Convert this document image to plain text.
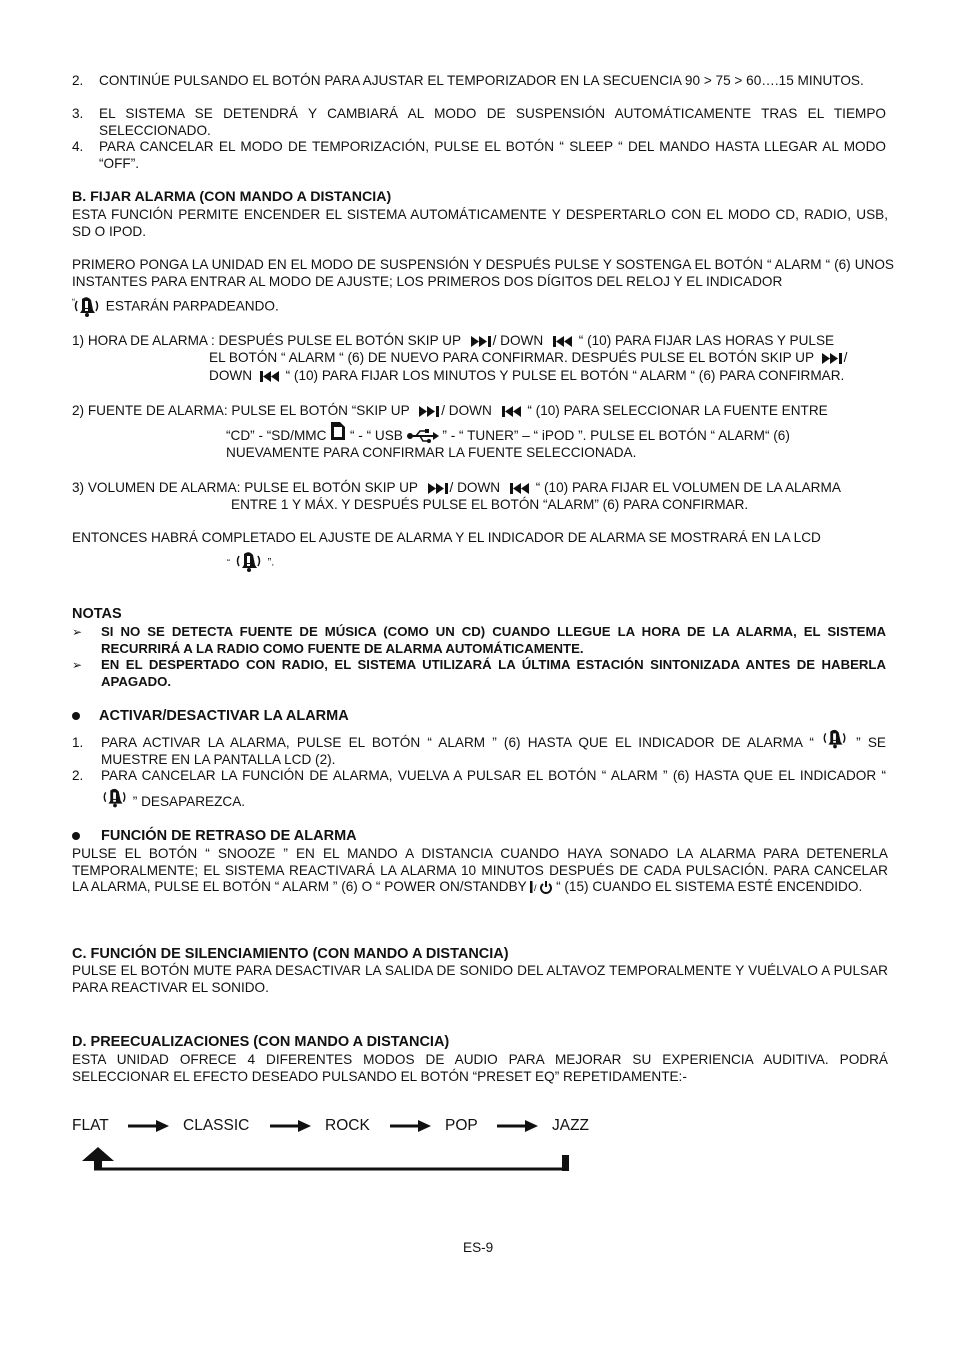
2. CONTINÚE PULSANDO EL BOTÓN PARA AJUSTAR EL TEMPORIZADOR EN LA SECUENCIA 90 > 75 > 60….15 MINUTOS.
3. EL SISTEMA SE DETENDRÁ Y CAMBIARÁ AL MODO DE SUSPENSIÓN AUTOMÁTICAMENTE TRAS EL TIEMPO SELECCIONADO.
4. PARA CANCELAR EL MODO DE TEMPORIZACIÓN, PULSE EL BOTÓN “ SLEEP “ DEL MANDO HASTA LLEGAR AL MODO “OFF”.
B. FIJAR ALARMA (CON MANDO A DISTANCIA)
ESTA FUNCIÓN PERMITE ENCENDER EL SISTEMA AUTOMÁTICAMENTE Y DESPERTARLO CON EL MODO CD, RADIO, USB, SD O IPOD.
PRIMERO PONGA LA UNIDAD EN EL MODO DE SUSPENSIÓN Y DESPUÉS PULSE Y SOSTENGA EL BOTÓN “ ALARM “ (6) UNOS INSTANTES PARA ENTRAR AL MODO DE AJUSTE; LOS PRIMEROS DOS DÍGITOS DEL RELOJ Y EL INDICADOR
“ ESTARÁN PARPADEANDO.
1) HORA DE ALARMA : DESPUÉS PULSE EL BOTÓN SKIP UP / DOWN	“ (10) PARA FIJAR LAS HORAS Y PULSE
EL BOTÓN “ ALARM “ (6) DE NUEVO PARA CONFIRMAR. DESPUÉS PULSE EL BOTÓN SKIP UP /
DOWN “ (10) PARA FIJAR LOS MINUTOS Y PULSE EL BOTÓN “ ALARM “ (6) PARA CONFIRMAR.
2) FUENTE DE ALARMA: PULSE EL BOTÓN “SKIP UP / DOWN	“ (10) PARA SELECCIONAR LA FUENTE ENTRE
“CD” - “SD/MMC “ - “ USB	” - “ TUNER” – “ iPOD ”. PULSE EL BOTÓN “ ALARM“ (6)
NUEVAMENTE PARA CONFIRMAR LA FUENTE SELECCIONADA.
3) VOLUMEN DE ALARMA: PULSE EL BOTÓN SKIP UP / DOWN	“ (10) PARA FIJAR EL VOLUMEN DE LA ALARMA
ENTRE 1 Y MÁX. Y DESPUÉS PULSE EL BOTÓN “ALARM” (6) PARA CONFIRMAR.
ENTONCES HABRÁ COMPLETADO EL AJUSTE DE ALARMA Y EL INDICADOR DE ALARMA SE MOSTRARÁ EN LA LCD
“	”.
NOTAS
➢ SI NO SE DETECTA FUENTE DE MÚSICA (COMO UN CD) CUANDO LLEGUE LA HORA DE LA ALARMA, EL SISTEMA RECURRIRÁ A LA RADIO COMO FUENTE DE ALARMA AUTOMÁTICAMENTE.
➢ EN EL DESPERTADO CON RADIO, EL SISTEMA UTILIZARÁ LA ÚLTIMA ESTACIÓN SINTONIZADA ANTES DE HABERLA APAGADO.
ACTIVAR/DESACTIVAR LA ALARMA
1. PARA ACTIVAR LA ALARMA, PULSE EL BOTÓN “ ALARM ” (6) HASTA QUE EL INDICADOR DE ALARMA “	” SE MUESTRE EN LA PANTALLA LCD (2).
2. PARA CANCELAR LA FUNCIÓN DE ALARMA, VUELVA A PULSAR EL BOTÓN “ ALARM ” (6) HASTA QUE EL INDICADOR “  ” DESAPAREZCA.
FUNCIÓN DE RETRASO DE ALARMA
PULSE EL BOTÓN “ SNOOZE ” EN EL MANDO A DISTANCIA CUANDO HAYA SONADO LA ALARMA PARA DETENERLA TEMPORALMENTE; EL SISTEMA REACTIVARÁ LA ALARMA 10 MINUTOS DESPUÉS DE CADA PULSACIÓN. PARA CANCELAR LA ALARMA, PULSE EL BOTÓN “ ALARM ” (6) O “ POWER ON/STANDBY / “ (15) CUANDO EL SISTEMA ESTÉ ENCENDIDO.
C. FUNCIÓN DE SILENCIAMIENTO (CON MANDO A DISTANCIA)
PULSE EL BOTÓN MUTE PARA DESACTIVAR LA SALIDA DE SONIDO DEL ALTAVOZ TEMPORALMENTE Y VUÉLVALO A PULSAR PARA REACTIVAR EL SONIDO.
D. PREECUALIZACIONES (CON MANDO A DISTANCIA)
ESTA UNIDAD OFRECE 4 DIFERENTES MODOS DE AUDIO PARA MEJORAR SU EXPERIENCIA AUDITIVA. PODRÁ SELECCIONAR EL EFECTO DESEADO PULSANDO EL BOTÓN “PRESET EQ” REPETIDAMENTE:-
FLAT	CLASSIC	ROCK	POP	JAZZ
ES-9
